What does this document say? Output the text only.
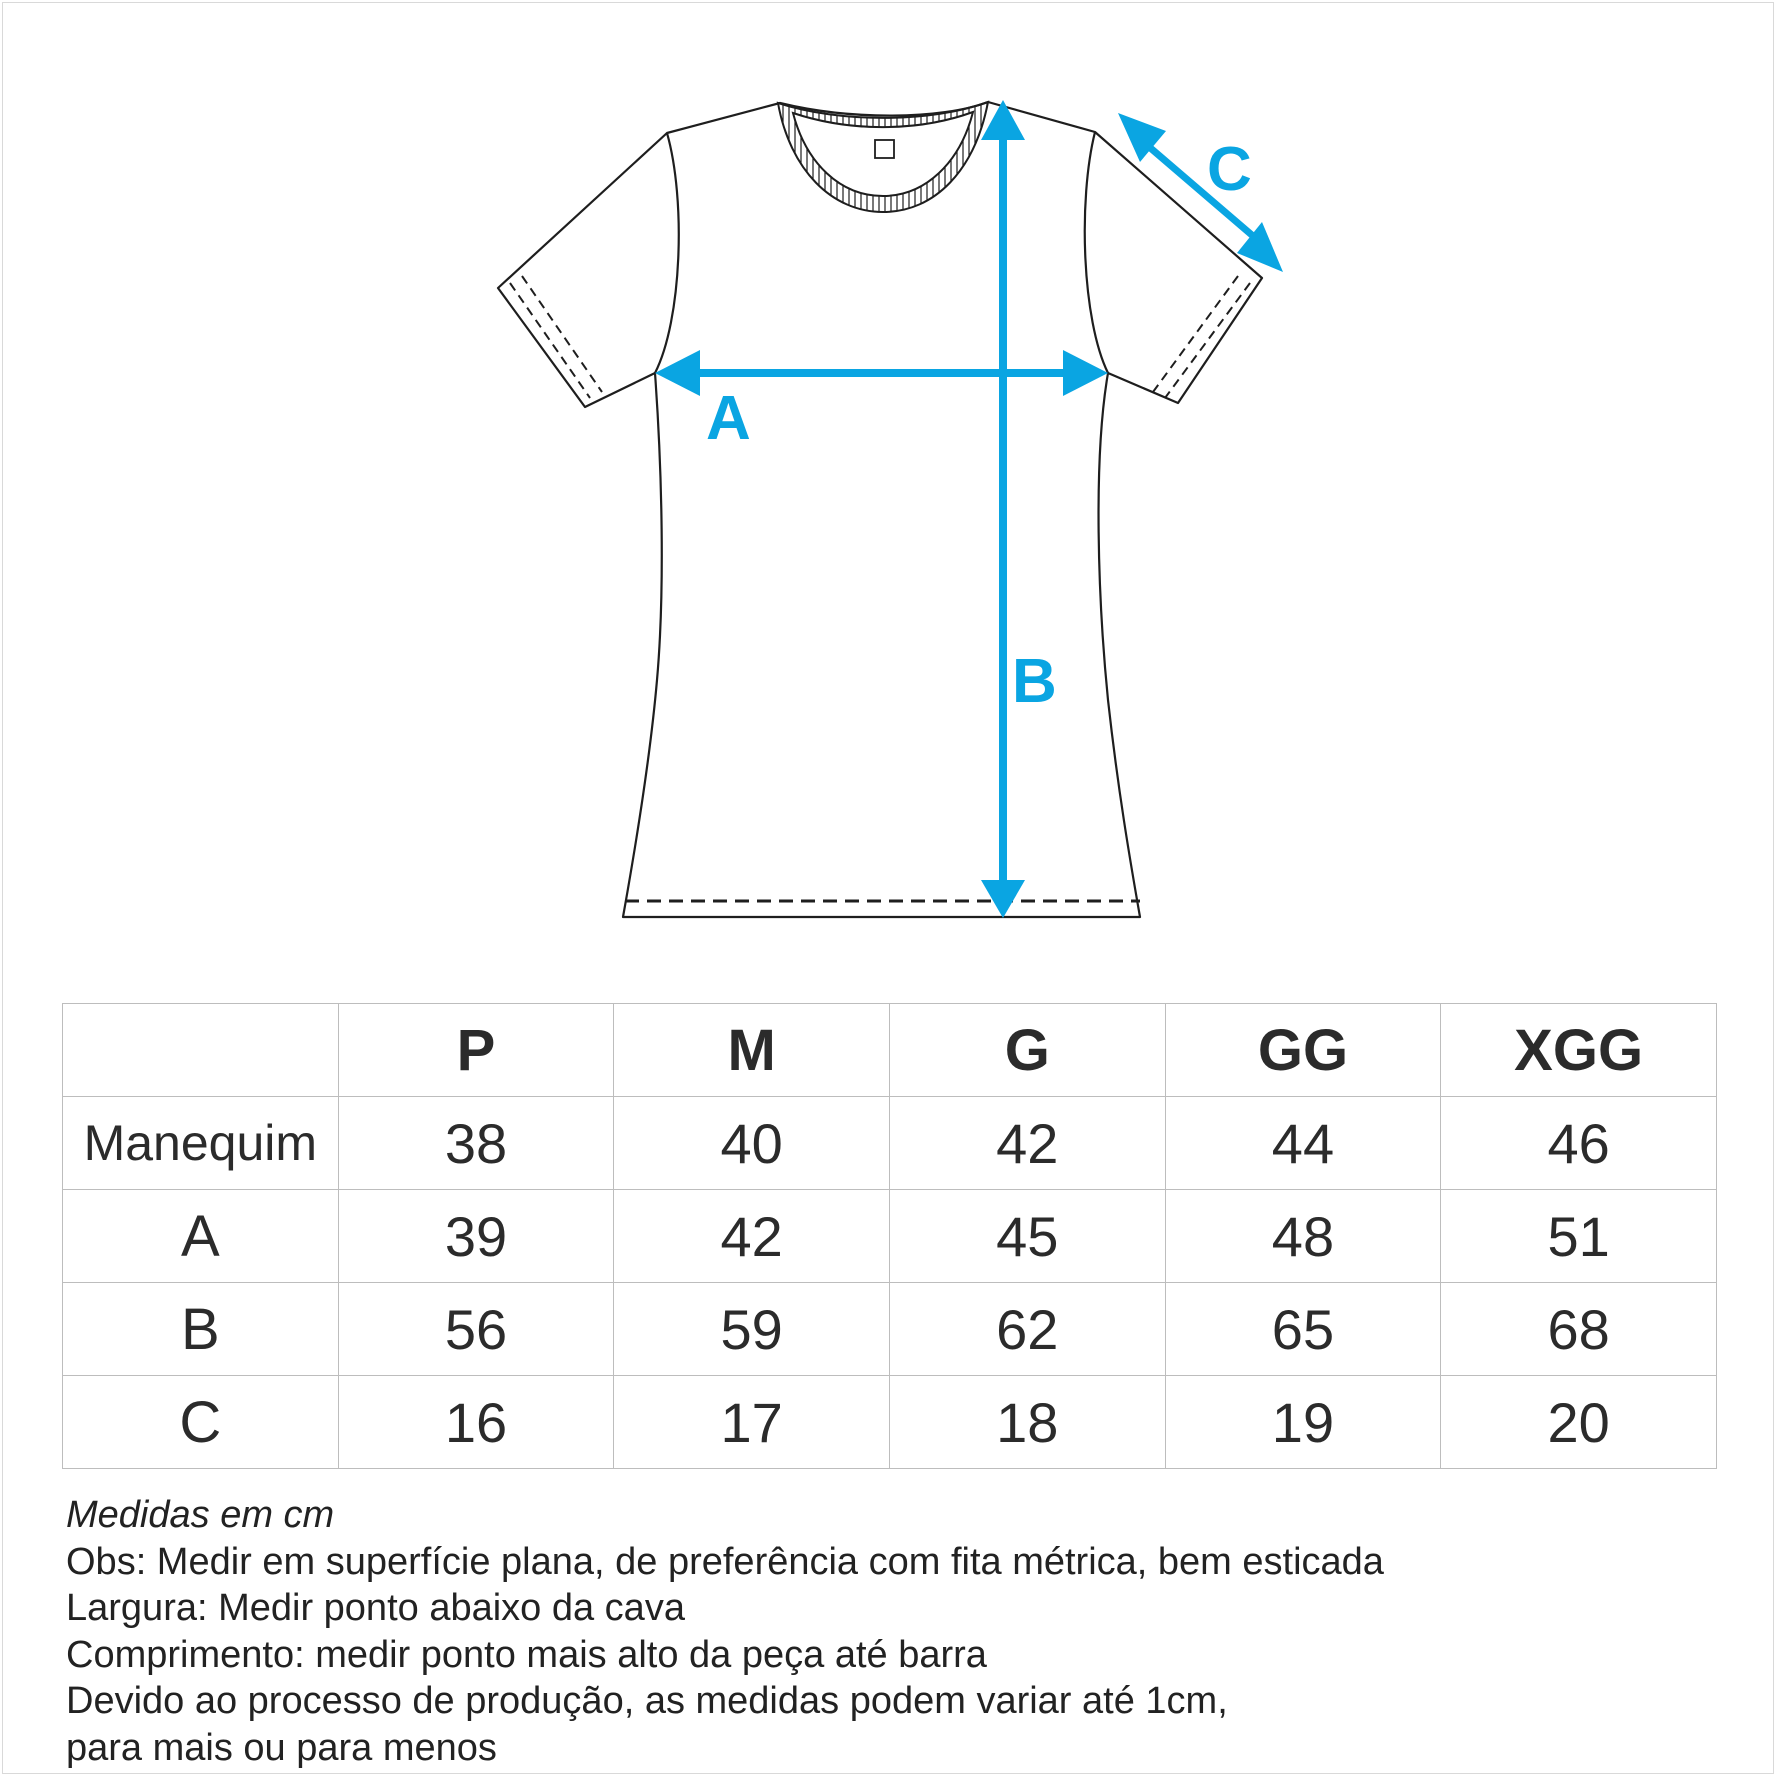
A
B
C
	P	M	G	GG	XGG
Manequim	38	40	42	44	46
A	39	42	45	48	51
B	56	59	62	65	68
C	16	17	18	19	20
Medidas em cm
Obs: Medir em superfície plana, de preferência com fita métrica, bem esticada
Largura: Medir ponto abaixo da cava
Comprimento: medir ponto mais alto da peça até barra
Devido ao processo de produção, as medidas podem variar até 1cm,
para mais ou para menos
